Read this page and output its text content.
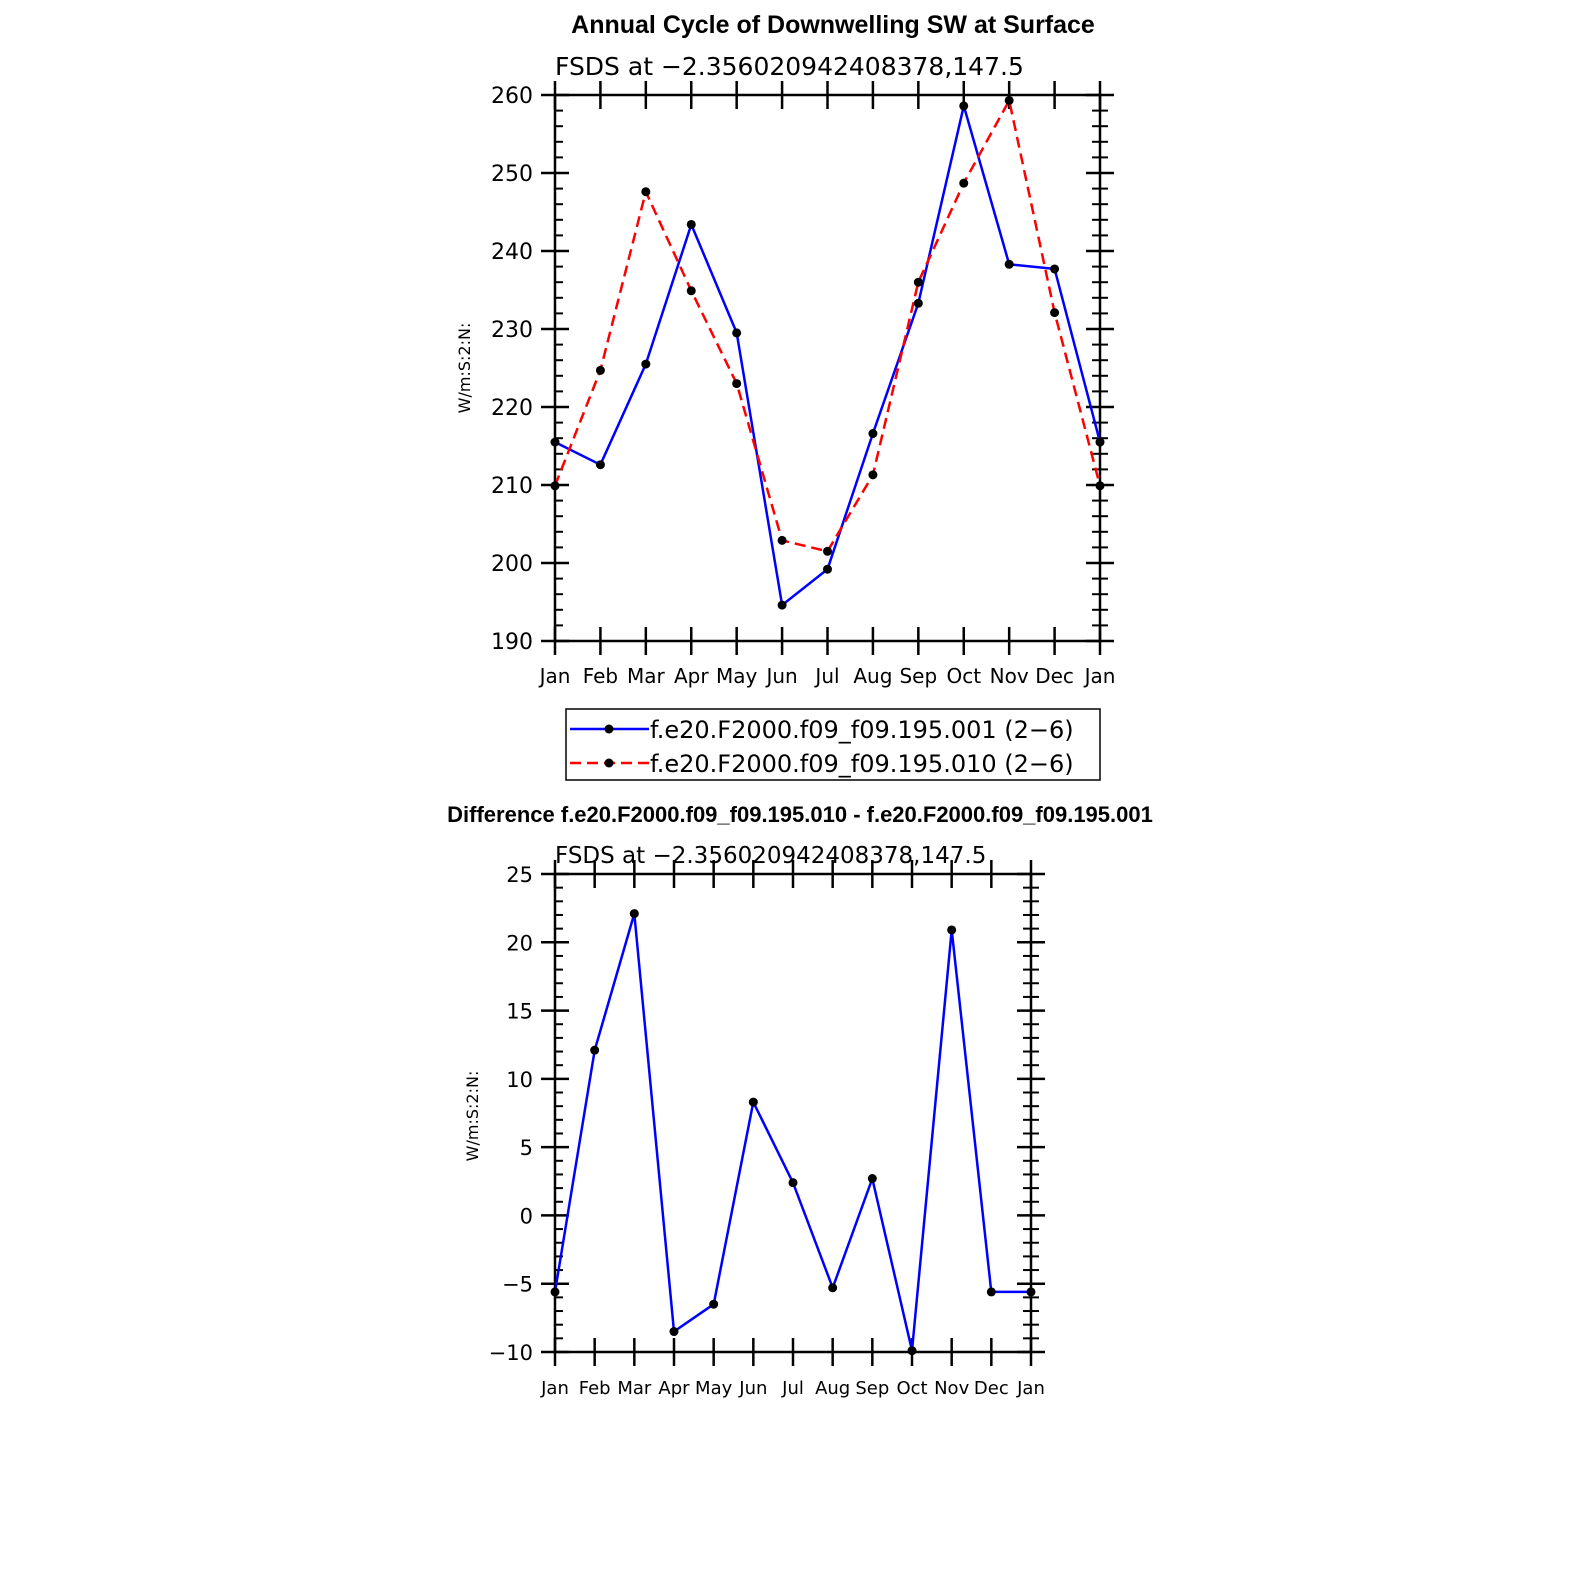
Annual Cycle of Downwelling SW at Surface
FSDS at −2.356020942408378,147.5
W/m:S:2:N:
190
200
210
220
230
240
250
260
Jan Feb Mar Apr May Jun Jul Aug Sep Oct Nov Dec Jan
f.e20.F2000.f09_f09.195.001 (2−6)
f.e20.F2000.f09_f09.195.010 (2−6)
Difference f.e20.F2000.f09_f09.195.010 - f.e20.F2000.f09_f09.195.001
FSDS at −2.356020942408378,147.5
W/m:S:2:N:
−10
−5
0
5
10
15
20
25
Jan Feb Mar Apr May Jun Jul Aug Sep Oct Nov Dec Jan
